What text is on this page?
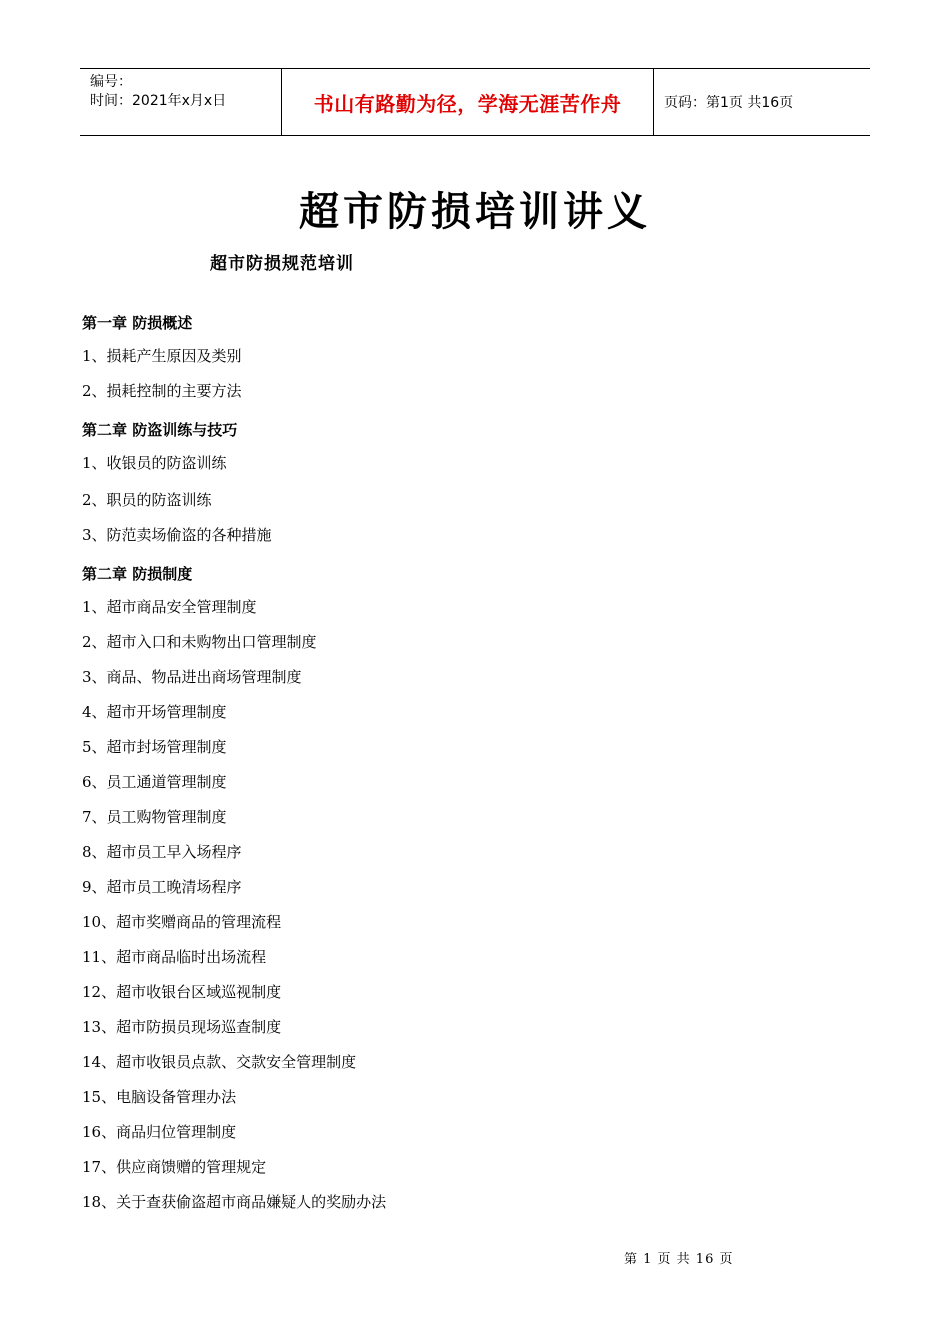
编号：
时间：2021年x月x日	书山有路勤为径，学海无涯苦作舟	页码：第1页 共16页
超市防损培训讲义
超市防损规范培训

第一章 防损概述

1、损耗产生原因及类别

2、损耗控制的主要方法

第二章 防盗训练与技巧

1、收银员的防盗训练

2、职员的防盗训练

3、防范卖场偷盗的各种措施

第二章 防损制度

1、超市商品安全管理制度

2、超市入口和未购物出口管理制度

3、商品、物品进出商场管理制度

4、超市开场管理制度

5、超市封场管理制度

6、员工通道管理制度

7、员工购物管理制度

8、超市员工早入场程序

9、超市员工晚清场程序

10、超市奖赠商品的管理流程

11、超市商品临时出场流程

12、超市收银台区域巡视制度

13、超市防损员现场巡查制度

14、超市收银员点款、交款安全管理制度

15、电脑设备管理办法

16、商品归位管理制度

17、供应商馈赠的管理规定

18、关于查获偷盗超市商品嫌疑人的奖励办法

第 1 页 共 16 页
